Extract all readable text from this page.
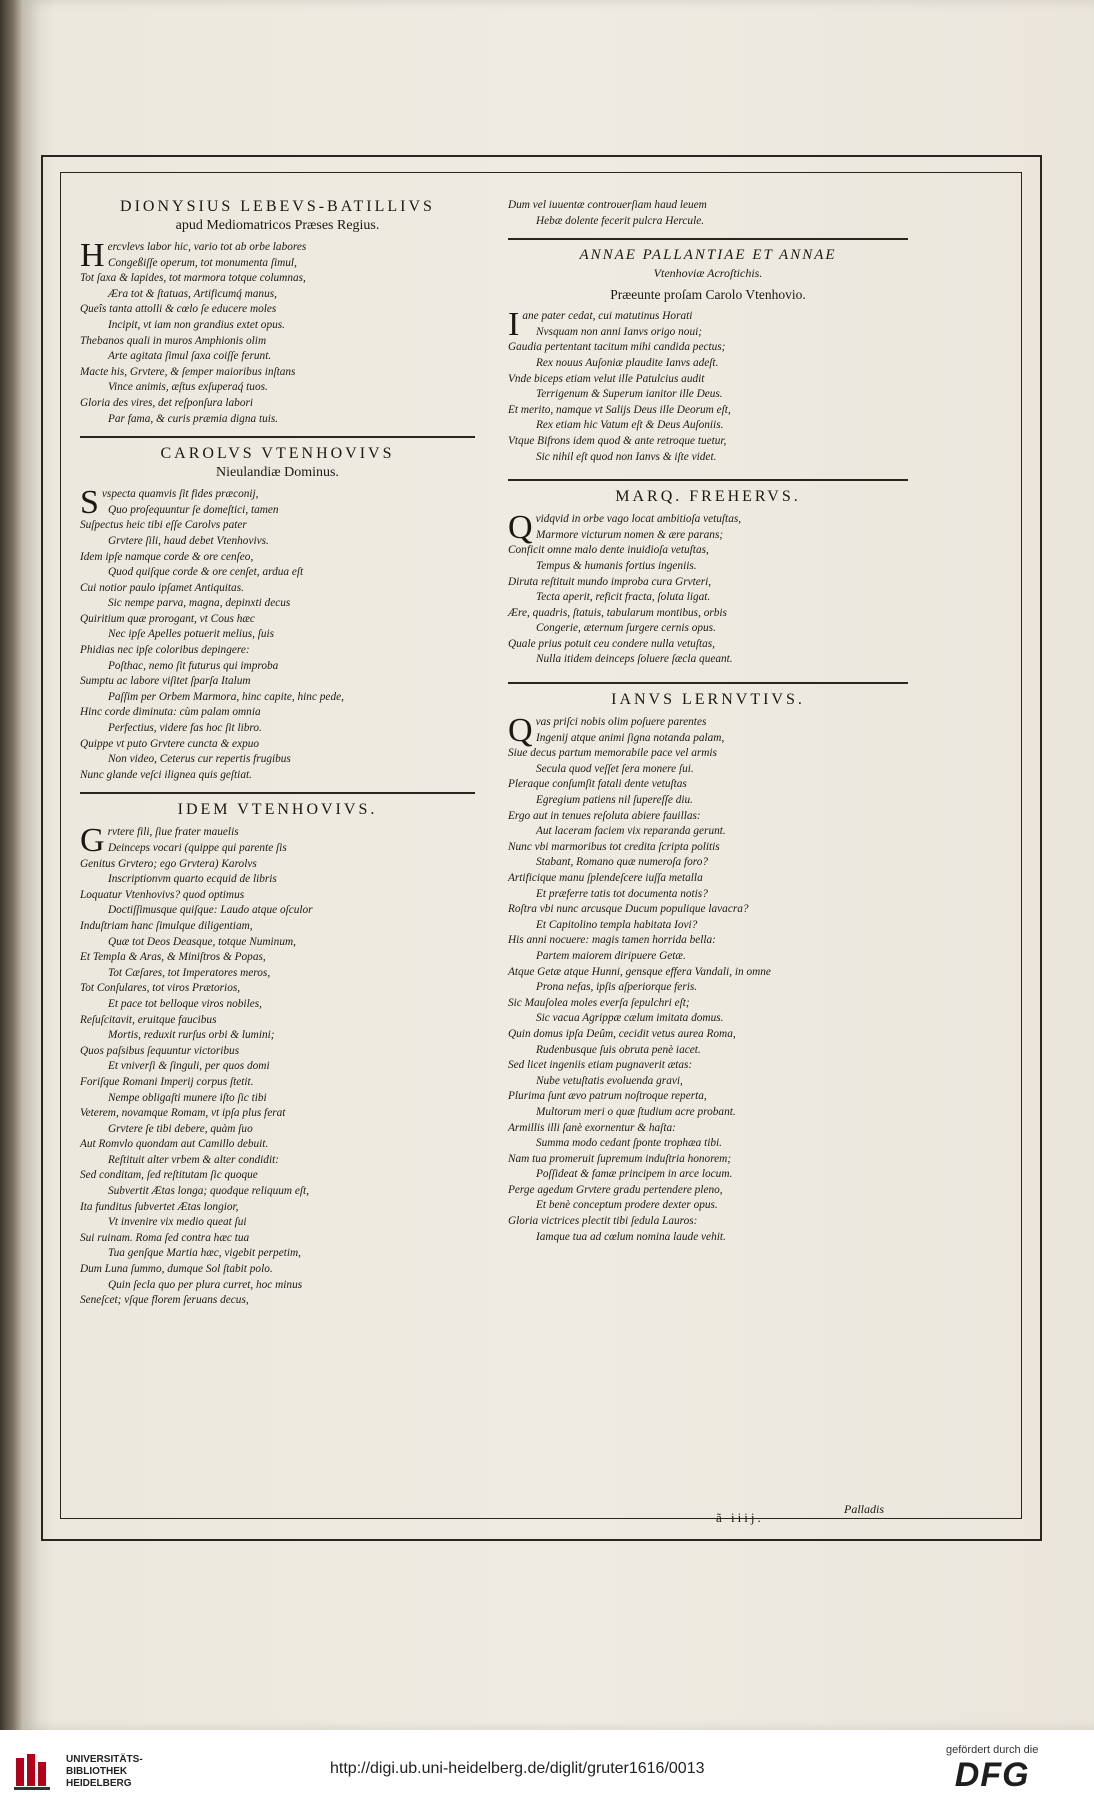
DIONYSIUS LEBEVS-BATILLIVS
apud Mediomatricos Præses Regius.
Hercvlevs labor hic, vario tot ab orbe labores
Congeßiſſe operum, tot monumenta ſimul,
Tot ſaxa & lapides, tot marmora totque columnas,
Æra tot & ſtatuas, Artificumq́ manus,
Queîs tanta attolli & cœlo ſe educere moles
Incipit, vt iam non grandius extet opus.
Thebanos quali in muros Amphionis olim
Arte agitata ſimul ſaxa coiſſe ferunt.
Macte his, Grvtere, & ſemper maioribus inſtans
Vince animis, æſtus exſuperaq́ tuos.
Gloria des vires, det reſponſura labori
Par fama, & curis præmia digna tuis.
CAROLVS VTENHOVIVS
Nieulandiæ Dominus.
Svspecta quamvis ſit fides præconij,
Quo proſequuntur ſe domeſtici, tamen
Suſpectus heic tibi eſſe Carolvs pater
Grvtere ſili, haud debet Vtenhovivs.
Idem ipſe namque corde & ore cenſeo,
Quod quiſque corde & ore cenſet, ardua eſt
Cui notior paulo ipſamet Antiquitas.
Sic nempe parva, magna, depinxti decus
Quiritium quæ prorogant, vt Cous hæc
Nec ipſe Apelles potuerit melius, ſuis
Phidias nec ipſe coloribus depingere:
Poſthac, nemo ſit futurus qui improba
Sumptu ac labore viſitet ſparſa Italum
Paſſim per Orbem Marmora, hinc capite, hinc pede,
Hinc corde diminuta: cùm palam omnia
Perfectius, videre fas hoc ſit libro.
Quippe vt puto Grvtere cuncta & expuo
Non video, Ceterus cur repertis frugibus
Nunc glande veſci ilignea quis geſtiat.
IDEM VTENHOVIVS.
Grvtere fili, ſiue frater mauelis
Deinceps vocari (quippe qui parente ſis
Genitus Grvtero; ego Grvtera) Karolvs
Inscriptionvm quarto ecquid de libris
Loquatur Vtenhovivs? quod optimus
Doctiſſimusque quiſque: Laudo atque oſculor
Induſtriam hanc ſimulque diligentiam,
Quæ tot Deos Deasque, totque Numinum,
Et Templa & Aras, & Miniſtros & Popas,
Tot Cæſares, tot Imperatores meros,
Tot Conſulares, tot viros Prætorios,
Et pace tot belloque viros nobiles,
Reſuſcitavit, eruitque faucibus
Mortis, reduxit rurſus orbi & lumini;
Quos paſsibus ſequuntur victoribus
Et vniverſi & ſinguli, per quos domi
Foriſque Romani Imperij corpus ſtetit.
Nempe obligaſti munere iſto ſic tibi
Veterem, novamque Romam, vt ipſa plus ferat
Grvtere ſe tibi debere, quàm ſuo
Aut Romvlo quondam aut Camillo debuit.
Reſtituit alter vrbem & alter condidit:
Sed conditam, ſed reſtitutam ſic quoque
Subvertit Ætas longa; quodque reliquum eſt,
Ita funditus ſubvertet Ætas longior,
Vt invenire vix medio queat ſui
Sui ruinam. Roma ſed contra hæc tua
Tua genſque Martia hæc, vigebit perpetim,
Dum Luna ſummo, dumque Sol ſtabit polo.
Quin ſecla quo per plura curret, hoc minus
Seneſcet; vſque florem ſeruans decus,
Dum vel iuuentæ controuerſiam haud leuem
Hebæ dolente fecerit pulcra Hercule.
ANNAE PALLANTIAE ET ANNAE
Vtenhoviæ Acroſtichis.
Præeunte proſam Carolo Vtenhovio.
Iane pater cedat, cui matutinus Horati
Nvsquam non anni Ianvs origo noui;
Gaudia pertentant tacitum mihi candida pectus;
Rex nouus Auſoniæ plaudite Ianvs adeſt.
Vnde biceps etiam velut ille Patulcius audit
Terrigenum & Superum ianitor ille Deus.
Et merito, namque vt Salijs Deus ille Deorum eſt,
Rex etiam hic Vatum eſt & Deus Auſoniis.
Vtque Bifrons idem quod & ante retroque tuetur,
Sic nihil eſt quod non Ianvs & iſte videt.
MARQ. FREHERVS.
Qvidqvid in orbe vago locat ambitioſa vetuſtas,
Marmore victurum nomen & ære parans;
Conficit omne malo dente inuidioſa vetuſtas,
Tempus & humanis fortius ingeniis.
Diruta reſtituit mundo improba cura Grvteri,
Tecta aperit, reficit fracta, ſoluta ligat.
Ære, quadris, ſtatuis, tabularum montibus, orbis
Congerie, æternum ſurgere cernis opus.
Quale prius potuit ceu condere nulla vetuſtas,
Nulla itidem deinceps ſoluere ſæcla queant.
IANVS LERNVTIVS.
Qvas priſci nobis olim poſuere parentes
Ingenij atque animi ſigna notanda palam,
Siue decus partum memorabile pace vel armis
Secula quod veſſet ſera monere ſui.
Pleraque conſumſit fatali dente vetuſtas
Egregium patiens nil ſupereſſe diu.
Ergo aut in tenues reſoluta abiere fauillas:
Aut laceram faciem vix reparanda gerunt.
Nunc vbi marmoribus tot credita ſcripta politis
Stabant, Romano quæ numeroſa foro?
Artificique manu ſplendeſcere iuſſa metalla
Et præferre tatis tot documenta notis?
Roſtra vbi nunc arcusque Ducum populique lavacra?
Et Capitolino templa habitata Iovi?
His anni nocuere: magis tamen horrida bella:
Partem maiorem diripuere Getæ.
Atque Getæ atque Hunni, gensque effera Vandali, in omne
Prona nefas, ipſis aſperiorque feris.
Sic Mauſolea moles everſa ſepulchri eſt;
Sic vacua Agrippæ cælum imitata domus.
Quin domus ipſa Deûm, cecidit vetus aurea Roma,
Rudenbusque ſuis obruta penè iacet.
Sed licet ingeniis etiam pugnaverit ætas:
Nube vetuſtatis evoluenda gravi,
Plurima ſunt ævo patrum noſtroque reperta,
Multorum meri o quæ ſtudium acre probant.
Armillis illi ſanè exornentur & haſta:
Summa modo cedant ſponte trophæa tibi.
Nam tua promeruit ſupremum induſtria honorem;
Poſſideat & famæ principem in arce locum.
Perge agedum Grvtere gradu pertendere pleno,
Et benè conceptum prodere dexter opus.
Gloria victrices plectit tibi ſedula Lauros:
Iamque tua ad cœlum nomina laude vehit.
Palladis
ã iiij.
UNIVERSITÄTS-
BIBLIOTHEK
HEIDELBERG
http://digi.ub.uni-heidelberg.de/diglit/gruter1616/0013
gefördert durch die
DFG
